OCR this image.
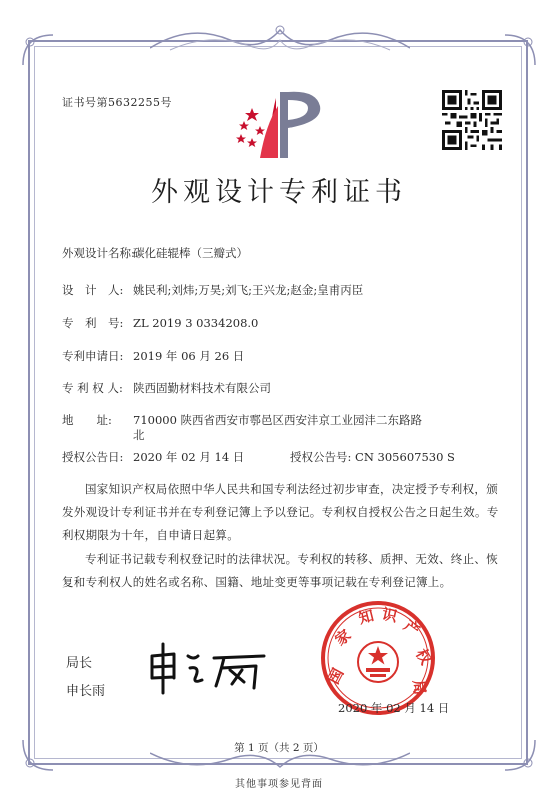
证书号第5632255号
外观设计专利证书
外观设计名称:
碳化硅辊棒（三瓣式）
设　计　人: 姚民利;刘炜;万昊;刘飞;王兴龙;赵金;皇甫丙臣
专　利　号: ZL 2019 3 0334208.0
专利申请日: 2019 年 06 月 26 日
专 利 权 人: 陕西固勤材料技术有限公司
地　　址: 710000 陕西省西安市鄠邑区西安沣京工业园沣二东路路北
授权公告日: 2020 年 02 月 14 日	授权公告号: CN 305607530 S
国家知识产权局依照中华人民共和国专利法经过初步审查，决定授予专利权，颁发外观设计专利证书并在专利登记簿上予以登记。专利权自授权公告之日起生效。专利权期限为十年，自申请日起算。
专利证书记载专利权登记时的法律状况。专利权的转移、质押、无效、终止、恢复和专利权人的姓名或名称、国籍、地址变更等事项记载在专利登记簿上。
局长
申长雨
国
家
知 识
产
权
局
2020 年 02 月 14 日
第 1 页（共 2 页）
其他事项参见背面
